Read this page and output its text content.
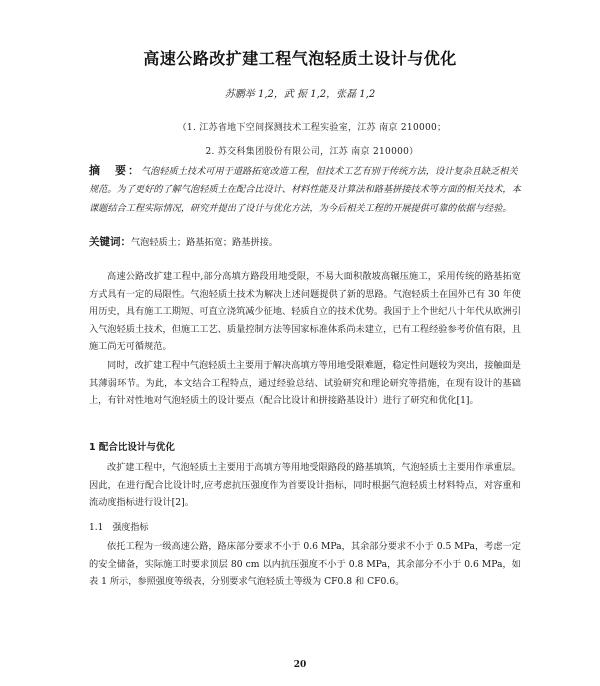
高速公路改扩建工程气泡轻质土设计与优化
苏鹏举 1,2，武 振 1,2，张磊 1,2
（1. 江苏省地下空间探测技术工程实验室，江苏 南京 210000；
2. 苏交科集团股份有限公司，江苏 南京 210000）
摘　要：气泡轻质土技术可用于道路拓宽改造工程，但技术工艺有别于传统方法，设计复杂且缺乏相关规范。为了更好的了解气泡轻质土在配合比设计、材料性能及计算法和路基拼接技术等方面的相关技术，本课题结合工程实际情况，研究并提出了设计与优化方法，为今后相关工程的开展提供可靠的依据与经验。
关键词：气泡轻质土；路基拓宽；路基拼接。
高速公路改扩建工程中,部分高填方路段用地受限，不易大面积散坡高辗压施工，采用传统的路基拓宽方式具有一定的局限性。气泡轻质土技术为解决上述问题提供了新的思路。气泡轻质土在国外已有 30 年使用历史，具有施工工期短、可直立浇筑减少征地、轻质自立的技术优势。我国于上个世纪八十年代从欧洲引入气泡轻质土技术，但施工工艺、质量控制方法等国家标准体系尚未建立，已有工程经验参考价值有限，且施工尚无可循规范。
同时，改扩建工程中气泡轻质土主要用于解决高填方等用地受限难题，稳定性问题较为突出，接触面是其薄弱环节。为此，本文结合工程特点，通过经验总结、试验研究和理论研究等措施，在现有设计的基础上，有针对性地对气泡轻质土的设计要点（配合比设计和拼接路基设计）进行了研究和优化[1]。
1 配合比设计与优化
改扩建工程中，气泡轻质土主要用于高填方等用地受限路段的路基填筑，气泡轻质土主要用作承重层。因此，在进行配合比设计时,应考虑抗压强度作为首要设计指标，同时根据气泡轻质土材料特点，对容重和流动度指标进行设计[2]。
1.1　强度指标
依托工程为一级高速公路，路床部分要求不小于 0.6 MPa，其余部分要求不小于 0.5 MPa，考虑一定的安全储备，实际施工时要求顶层 80 cm 以内抗压强度不小于 0.8 MPa，其余部分不小于 0.6 MPa，如表 1 所示，参照强度等级表，分别要求气泡轻质土等级为 CF0.8 和 CF0.6。
20
